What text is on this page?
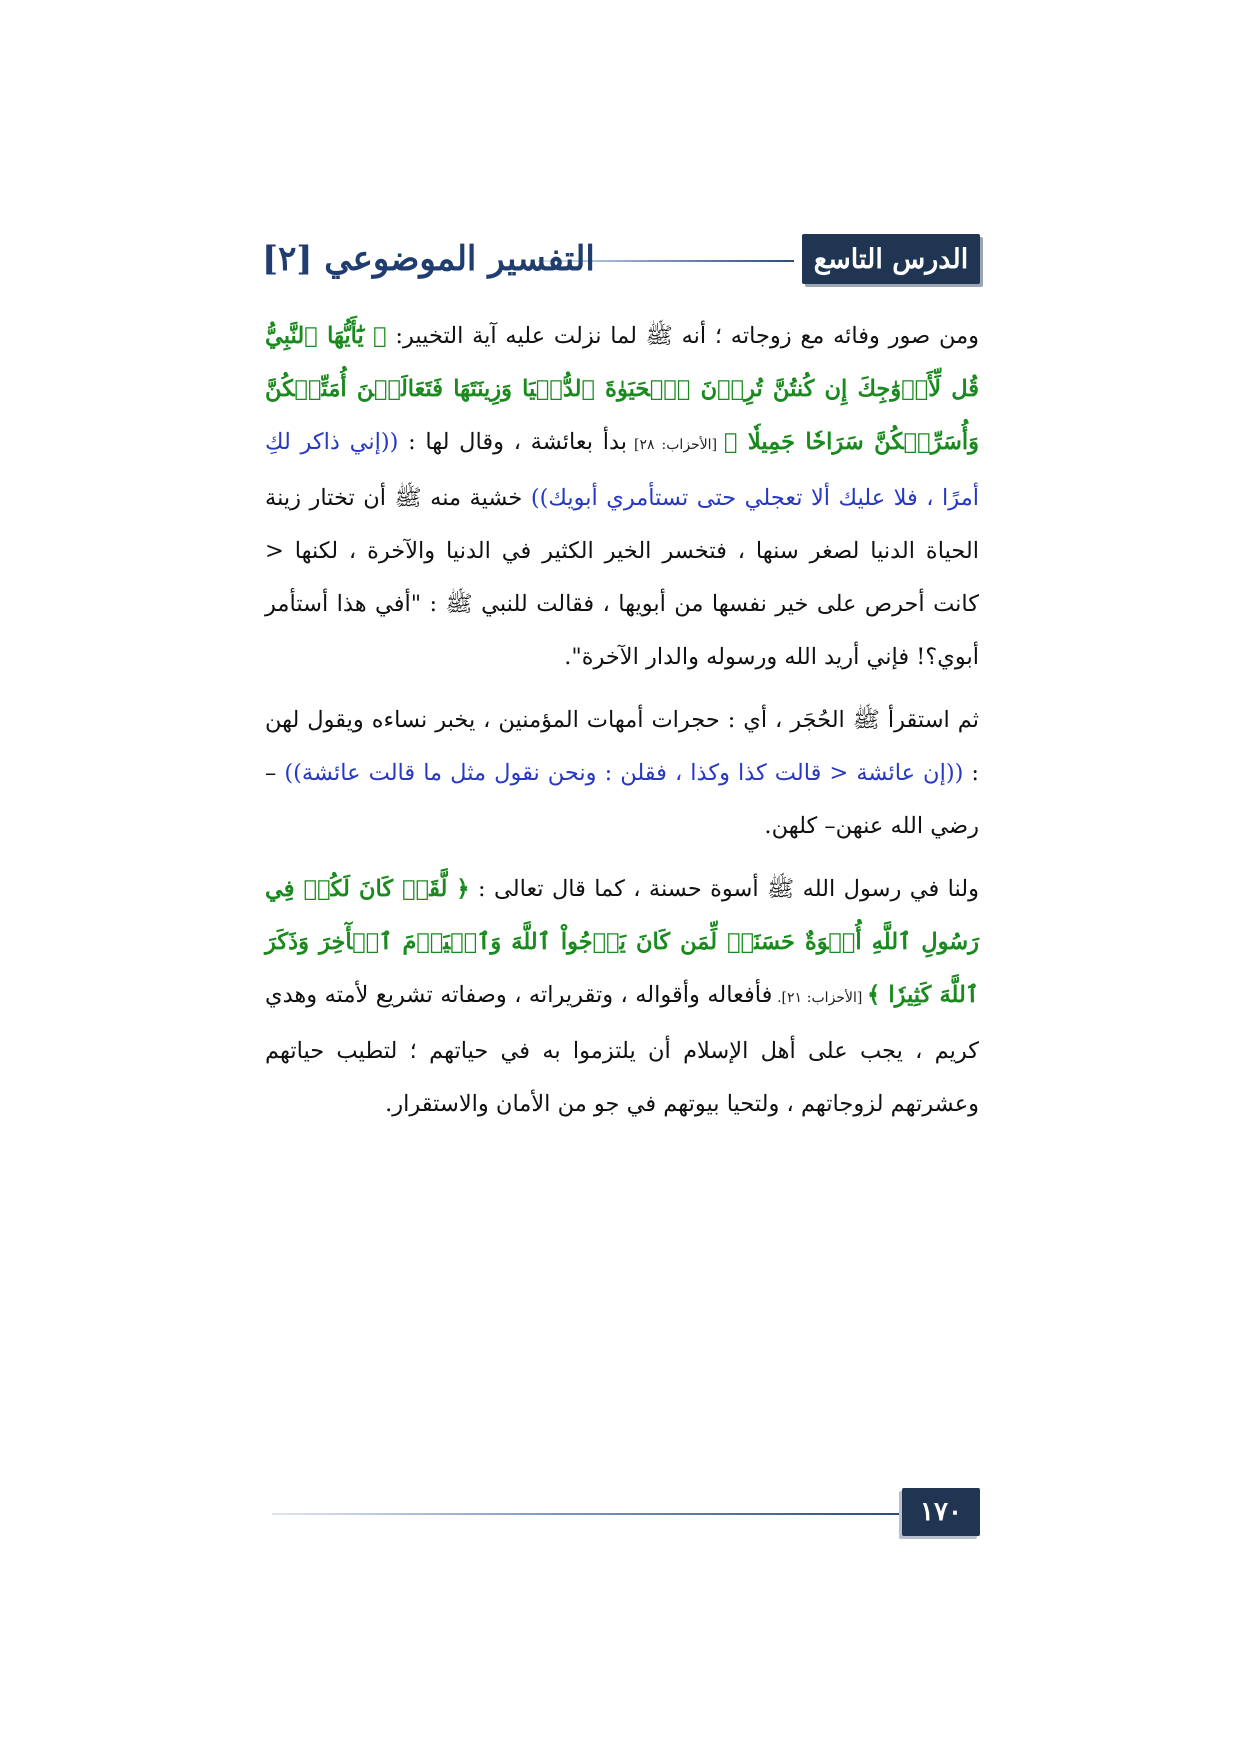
الدرس التاسع
التفسير الموضوعي [٢]

ومن صور وفائه مع زوجاته ؛ أنه ﷺ لما نزلت عليه آية التخيير: ﴿ يَٰٓأَيُّهَا ٱلنَّبِيُّ قُل لِّأَزۡوَٰجِكَ إِن كُنتُنَّ تُرِدۡنَ ٱلۡحَيَوٰةَ ٱلدُّنۡيَا وَزِينَتَهَا فَتَعَالَيۡنَ أُمَتِّعۡكُنَّ وَأُسَرِّحۡكُنَّ سَرَاحٗا جَمِيلٗا ﴾ [الأحزاب: ٢٨] بدأ بعائشة ، وقال لها : ((إني ذاكر لكِ أمرًا ، فلا عليك ألا تعجلي حتى تستأمري أبويك)) خشية منه ﷺ أن تختار زينة الحياة الدنيا لصغر سنها ، فتخسر الخير الكثير في الدنيا والآخرة ، لكنها < كانت أحرص على خير نفسها من أبويها ، فقالت للنبي ﷺ : "أفي هذا أستأمر أبوي؟! فإني أريد الله ورسوله والدار الآخرة".

ثم استقرأ ﷺ الحُجَر ، أي : حجرات أمهات المؤمنين ، يخبر نساءه ويقول لهن : ((إن عائشة < قالت كذا وكذا ، فقلن : ونحن نقول مثل ما قالت عائشة)) – رضي الله عنهن– كلهن.

ولنا في رسول الله ﷺ أسوة حسنة ، كما قال تعالى : ﴿ لَّقَدۡ كَانَ لَكُمۡ فِي رَسُولِ ٱللَّهِ أُسۡوَةٌ حَسَنَةٞ لِّمَن كَانَ يَرۡجُواْ ٱللَّهَ وَٱلۡيَوۡمَ ٱلۡأٓخِرَ وَذَكَرَ ٱللَّهَ كَثِيرٗا ﴾ [الأحزاب: ٢١]. فأفعاله وأقواله ، وتقريراته ، وصفاته تشريع لأمته وهدي كريم ، يجب على أهل الإسلام أن يلتزموا به في حياتهم ؛ لتطيب حياتهم وعشرتهم لزوجاتهم ، ولتحيا بيوتهم في جو من الأمان والاستقرار.

١٧٠
